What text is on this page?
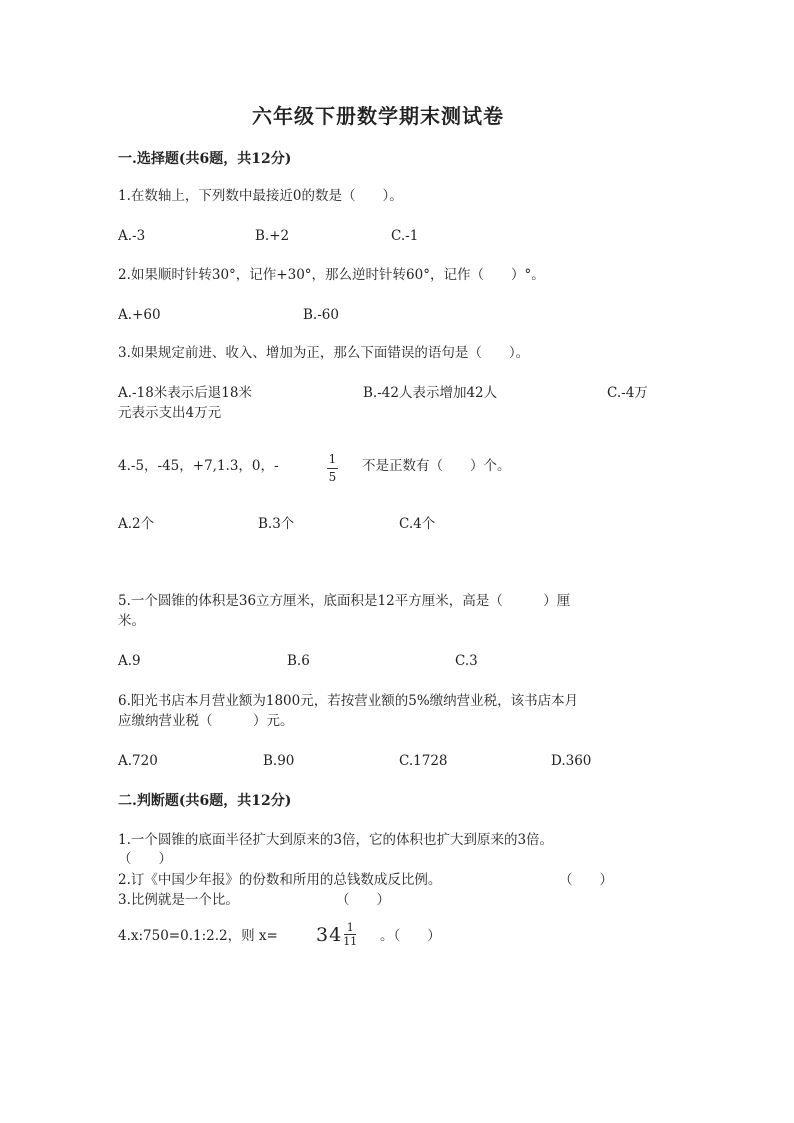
六年级下册数学期末测试卷
一.选择题(共6题，共12分)
1.在数轴上，下列数中最接近0的数是（　　）。
A.-3	B.+2	C.-1
2.如果顺时针转30°，记作+30°，那么逆时针转60°，记作（　　）°。
A.+60	B.-60
3.如果规定前进、收入、增加为正，那么下面错误的语句是（　　）。
A.-18米表示后退18米	B.-42人表示增加42人	C.-4万
元表示支出4万元
4.-5，-45，+7,1.3，0，-	1
5
不是正数有（　　）个。
A.2个	B.3个	C.4个
5.一个圆锥的体积是36立方厘米，底面积是12平方厘米，高是（　　　）厘
米。
A.9	B.6	C.3
6.阳光书店本月营业额为1800元，若按营业额的5%缴纳营业税，该书店本月
应缴纳营业税（　　　）元。
A.720	B.90	C.1728	D.360
二.判断题(共6题，共12分)
1.一个圆锥的底面半径扩大到原来的3倍，它的体积也扩大到原来的3倍。
（　　）
2.订《中国少年报》的份数和所用的总钱数成反比例。	（　　）
3.比例就是一个比。	（　　）
4.x:750=0.1:2.2，则 x= 34 1
11 。（　　）
